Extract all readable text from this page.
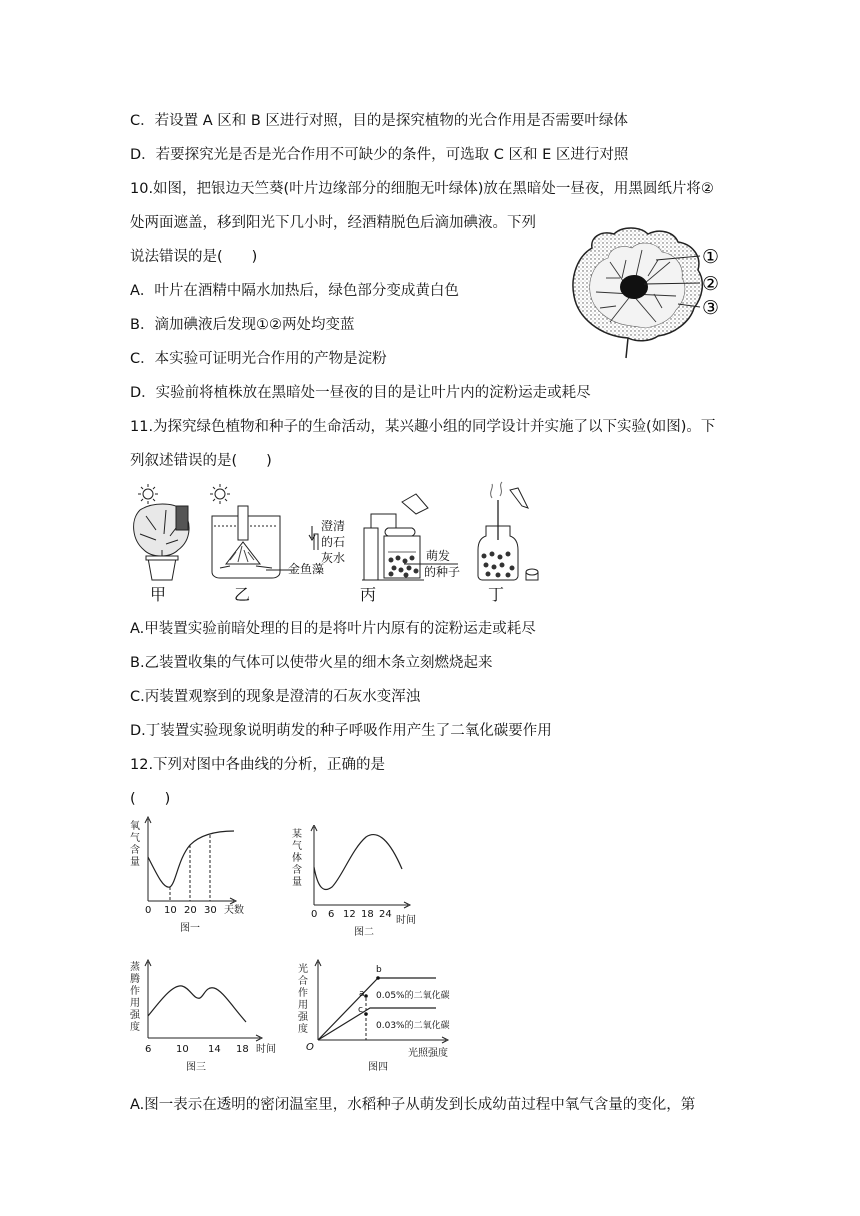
C．若设置 A 区和 B 区进行对照，目的是探究植物的光合作用是否需要叶绿体
D．若要探究光是否是光合作用不可缺少的条件，可选取 C 区和 E 区进行对照
10.如图，把银边天竺葵(叶片边缘部分的细胞无叶绿体)放在黑暗处一昼夜，用黑圆纸片将②
处两面遮盖，移到阳光下几小时，经酒精脱色后滴加碘液。下列
说法错误的是(　　)
A．叶片在酒精中隔水加热后，绿色部分变成黄白色
B．滴加碘液后发现①②两处均变蓝
C．本实验可证明光合作用的产物是淀粉
D．实验前将植株放在黑暗处一昼夜的目的是让叶片内的淀粉运走或耗尽
①
②
③
11.为探究绿色植物和种子的生命活动，某兴趣小组的同学设计并实施了以下实验(如图)。下
列叙述错误的是(　　)
金鱼藻
澄清
的石
灰水	萌发
的种子
甲	乙	丙	丁
A.甲装置实验前暗处理的目的是将叶片内原有的淀粉运走或耗尽
B.乙装置收集的气体可以使带火星的细木条立刻燃烧起来
C.丙装置观察到的现象是澄清的石灰水变浑浊
D.丁装置实验现象说明萌发的种子呼吸作用产生了二氧化碳要作用
12.下列对图中各曲线的分析，正确的是
(　　)
氧
气
含
量
0 10 20 30 天数
图一
某
气
体
含
量
0 6 12 18 24
时间
图二
蒸
腾
作
用
强
度
6 10 14 18 时间
图三
光
合
作
用
强
度
a
b
c
0.05%的二氧化碳
0.03%的二氧化碳
O
光照强度
图四
A.图一表示在透明的密闭温室里，水稻种子从萌发到长成幼苗过程中氧气含量的变化，第
